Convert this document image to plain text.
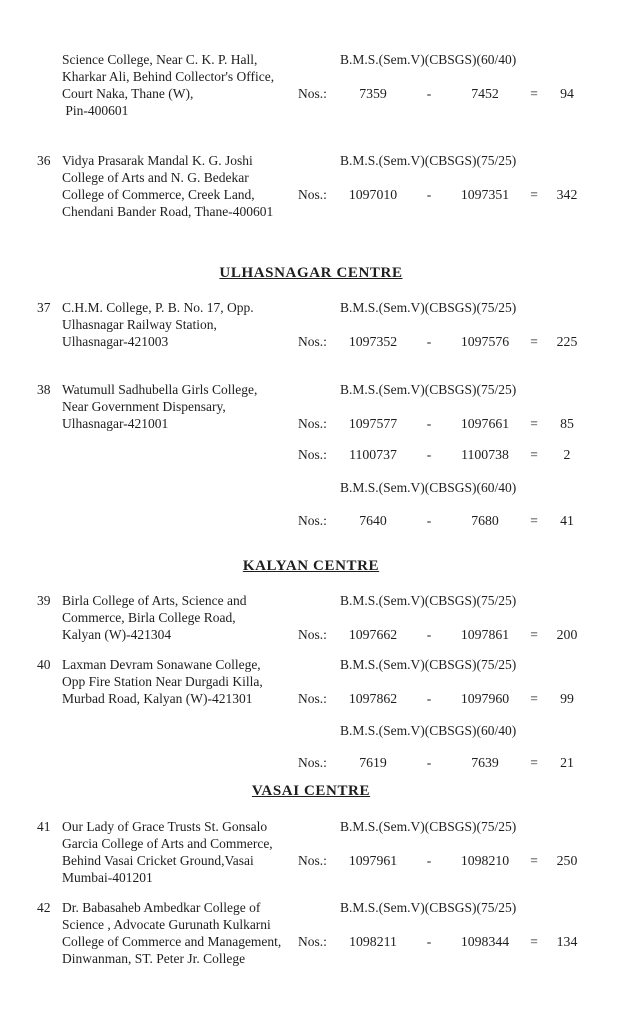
Science College, Near C. K. P. Hall,
Kharkar Ali, Behind Collector's Office,
Court Naka, Thane (W),
Pin-400601
B.M.S.(Sem.V)(CBSGS)(60/40)
Nos.:	7359	-	7452	=	94
36 Vidya Prasarak Mandal K. G. Joshi
College of Arts and N. G. Bedekar
College of Commerce, Creek Land,
Chendani Bander Road, Thane-400601
B.M.S.(Sem.V)(CBSGS)(75/25)
Nos.:	1097010	-	1097351	=	342
ULHASNAGAR CENTRE
37 C.H.M. College, P. B. No. 17, Opp.
Ulhasnagar Railway Station,
Ulhasnagar-421003
B.M.S.(Sem.V)(CBSGS)(75/25)
Nos.:	1097352	-	1097576	=	225
38 Watumull Sadhubella Girls College,
Near Government Dispensary,
Ulhasnagar-421001
B.M.S.(Sem.V)(CBSGS)(75/25)
Nos.:	1097577	-	1097661	=	85
Nos.:	1100737	-	1100738	=	2
B.M.S.(Sem.V)(CBSGS)(60/40)
Nos.:	7640	-	7680	=	41
KALYAN CENTRE
39 Birla College of Arts, Science and
Commerce, Birla College Road,
Kalyan (W)-421304
B.M.S.(Sem.V)(CBSGS)(75/25)
Nos.:	1097662	-	1097861	=	200
40 Laxman Devram Sonawane College,
Opp Fire Station Near Durgadi Killa,
Murbad Road, Kalyan (W)-421301
B.M.S.(Sem.V)(CBSGS)(75/25)
Nos.:	1097862	-	1097960	=	99
B.M.S.(Sem.V)(CBSGS)(60/40)
Nos.:	7619	-	7639	=	21
VASAI CENTRE
41 Our Lady of Grace Trusts St. Gonsalo
Garcia College of Arts and Commerce,
Behind Vasai Cricket Ground,Vasai
Mumbai-401201
B.M.S.(Sem.V)(CBSGS)(75/25)
Nos.:	1097961	-	1098210	=	250
42 Dr. Babasaheb Ambedkar College of
Science , Advocate Gurunath Kulkarni
College of Commerce and Management,
Dinwanman, ST. Peter Jr. College
B.M.S.(Sem.V)(CBSGS)(75/25)
Nos.:	1098211	-	1098344	=	134
